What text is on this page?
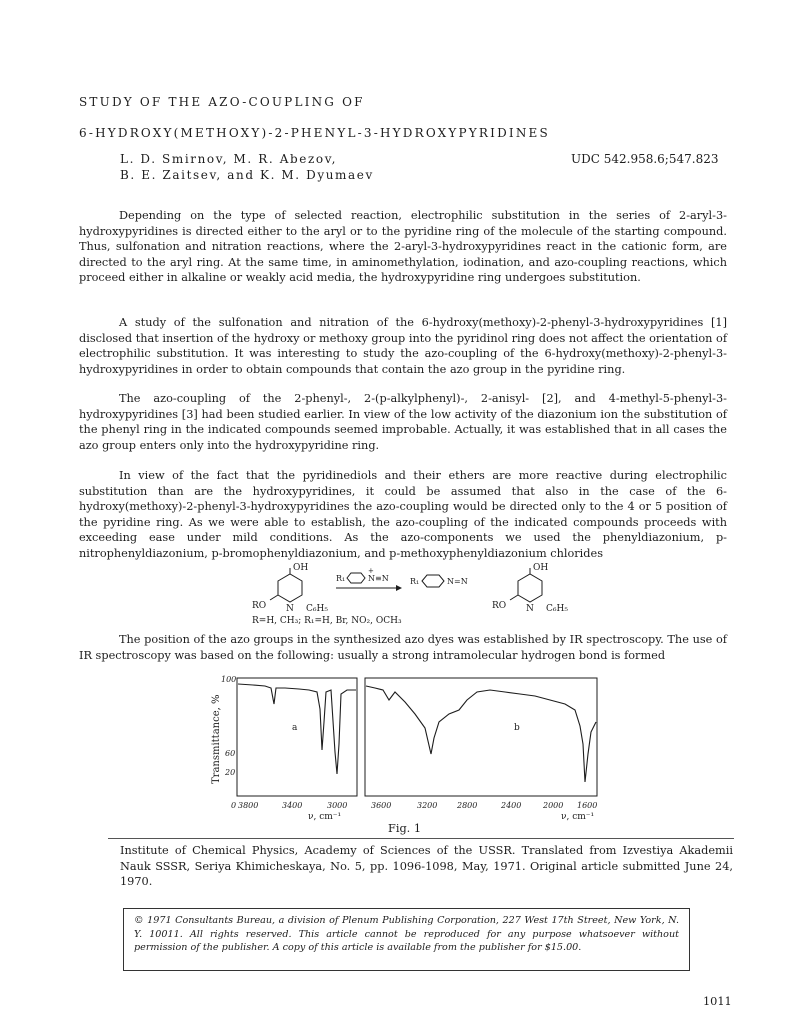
STUDY OF THE AZO-COUPLING OF
6-HYDROXY(METHOXY)-2-PHENYL-3-HYDROXYPYRIDINES
L. D. Smirnov, M. R. Abezov,
B. E. Zaitsev, and K. M. Dyumaev
UDC 542.958.6;547.823

Depending on the type of selected reaction, electrophilic substitution in the series of 2-aryl-3-hydroxypyridines is directed either to the aryl or to the pyridine ring of the molecule of the starting compound. Thus, sulfonation and nitration reactions, where the 2-aryl-3-hydroxypyridines react in the cationic form, are directed to the aryl ring. At the same time, in aminomethylation, iodination, and azo-coupling reactions, which proceed either in alkaline or weakly acid media, the hydroxypyridine ring undergoes substitution.

A study of the sulfonation and nitration of the 6-hydroxy(methoxy)-2-phenyl-3-hydroxypyridines [1] disclosed that insertion of the hydroxy or methoxy group into the pyridinol ring does not affect the orientation of electrophilic substitution. It was interesting to study the azo-coupling of the 6-hydroxy(methoxy)-2-phenyl-3-hydroxypyridines in order to obtain compounds that contain the azo group in the pyridine ring.

The azo-coupling of the 2-phenyl-, 2-(p-alkylphenyl)-, 2-anisyl- [2], and 4-methyl-5-phenyl-3-hydroxypyridines [3] had been studied earlier. In view of the low activity of the diazonium ion the substitution of the phenyl ring in the indicated compounds seemed improbable. Actually, it was established that in all cases the azo group enters only into the hydroxypyridine ring.

In view of the fact that the pyridinediols and their ethers are more reactive during electrophilic substitution than are the hydroxypyridines, it could be assumed that also in the case of the 6-hydroxy(methoxy)-2-phenyl-3-hydroxypyridines the azo-coupling would be directed only to the 4 or 5 position of the pyridine ring. As we were able to establish, the azo-coupling of the indicated compounds proceeds with exceeding ease under mild conditions. As the azo-components we used the phenyldiazonium, p-nitrophenyldiazonium, p-bromophenyldiazonium, and p-methoxyphenyldiazonium chlorides

OH
RO N C₆H₅
R₁
+
N≡N	R₁	N=N
OH
RO N C₆H₅
R=H, CH₃; R₁=H, Br, NO₂, OCH₃

The position of the azo groups in the synthesized azo dyes was established by IR spectroscopy. The use of IR spectroscopy was based on the following: usually a strong intramolecular hydrogen bond is formed

Transmittance, %
100
60
20
a
0 3800	3400	3000
ν, cm⁻¹
b
3600	3200 2800	2400	2000 1600
ν, cm⁻¹
Fig. 1

Institute of Chemical Physics, Academy of Sciences of the USSR. Translated from Izvestiya Akademii Nauk SSSR, Seriya Khimicheskaya, No. 5, pp. 1096-1098, May, 1971. Original article submitted June 24, 1970.

© 1971 Consultants Bureau, a division of Plenum Publishing Corporation, 227 West 17th Street, New York, N. Y. 10011. All rights reserved. This article cannot be reproduced for any purpose whatsoever without permission of the publisher. A copy of this article is available from the publisher for $15.00.
1011
